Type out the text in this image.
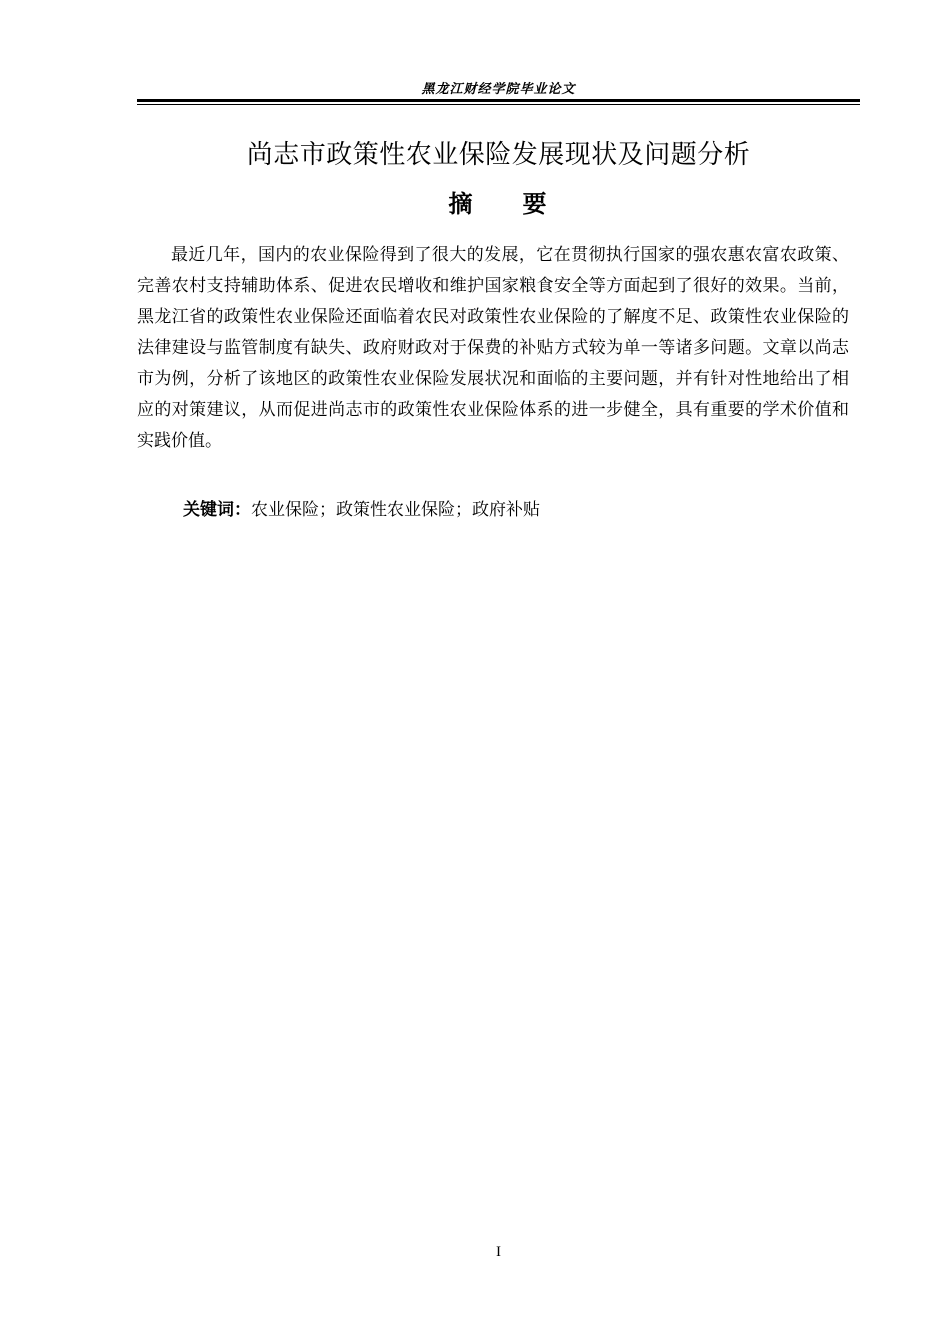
黑龙江财经学院毕业论文
尚志市政策性农业保险发展现状及问题分析
摘 要

最近几年，国内的农业保险得到了很大的发展，它在贯彻执行国家的强农惠农富农政策、完善农村支持辅助体系、促进农民增收和维护国家粮食安全等方面起到了很好的效果。当前，黑龙江省的政策性农业保险还面临着农民对政策性农业保险的了解度不足、政策性农业保险的法律建设与监管制度有缺失、政府财政对于保费的补贴方式较为单一等诸多问题。文章以尚志市为例，分析了该地区的政策性农业保险发展状况和面临的主要问题，并有针对性地给出了相应的对策建议，从而促进尚志市的政策性农业保险体系的进一步健全，具有重要的学术价值和实践价值。

关键词：农业保险；政策性农业保险；政府补贴
I
